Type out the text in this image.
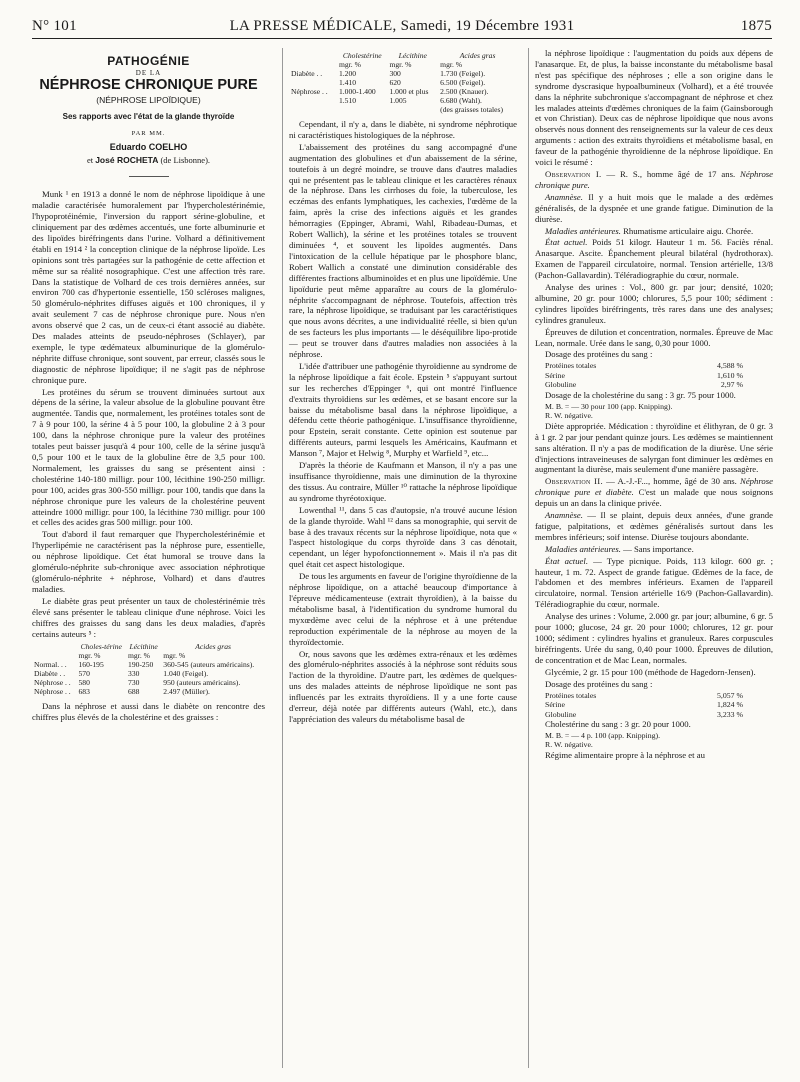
N° 101	LA PRESSE MÉDICALE, Samedi, 19 Décembre 1931	1875
PATHOGÉNIE
DE LA
NÉPHROSE CHRONIQUE PURE
(NÉPHROSE LIPOÏDIQUE)
Ses rapports avec l'état de la glande thyroïde
PAR MM.
Eduardo COELHO
et José ROCHETA (de Lisbonne).

Munk ¹ en 1913 a donné le nom de néphrose lipoïdique à une maladie caractérisée humoralement par l'hypercholestérinémie, l'hypoprotéinémie, l'inversion du rapport sérine-globuline, et cliniquement par des œdèmes accentués, une forte albuminurie et des lipoïdes biréfringents dans l'urine. Volhard a définitivement établi en 1914 ² la conception clinique de la néphrose lipoïde. Les opinions sont très partagées sur la pathogénie de cette affection et même sur sa réalité nosographique. C'est une affection très rare. Dans la statistique de Volhard de ces trois dernières années, sur environ 700 cas d'hypertonie essentielle, 150 scléroses malignes, 50 glomérulo-néphrites diffuses aiguës et 100 chroniques, il y avait seulement 7 cas de néphrose chronique pure. Nous n'en avons observé que 2 cas, un de ceux-ci étant associé au diabète. Des malades atteints de pseudo-néphroses (Schlayer), par exemple, le type œdémateux albuminurique de la glomérulo-néphrite diffuse chronique, sont souvent, par erreur, classés sous le diagnostic de néphrose lipoïdique; il ne s'agit pas de néphrose chronique pure.

Les protéines du sérum se trouvent diminuées surtout aux dépens de la sérine, la valeur absolue de la globuline pouvant être augmentée. Tandis que, normalement, les protéines totales sont de 7 à 9 pour 100, la sérine 4 à 5 pour 100, la globuline 2 à 3 pour 100, dans la néphrose chronique pure la valeur des protéines totales peut baisser jusqu'à 4 pour 100, celle de la sérine jusqu'à 0,5 pour 100 et le taux de la globuline être de 3,5 pour 100. Normalement, les graisses du sang se présentent ainsi : cholestérine 140-180 milligr. pour 100, lécithine 190-250 milligr. pour 100, acides gras 300-550 milligr. pour 100, tandis que dans la néphrose chronique pure les valeurs de la cholestérine peuvent atteindre 1000 milligr. pour 100, la lécithine 730 milligr. pour 100 et celles des acides gras 500 milligr. pour 100.

Tout d'abord il faut remarquer que l'hypercholestérinémie et l'hyperlipémie ne caractérisent pas la néphrose pure, essentielle, ou néphrose lipoïdique. Cet état humoral se trouve dans la glomérulo-néphrite sub-chronique avec association néphrotique (glomérulo-néphrite + néphrose, Volhard) et dans d'autres maladies.

Le diabète gras peut présenter un taux de cholestérinémie très élevé sans présenter le tableau clinique d'une néphrose. Voici les chiffres des graisses du sang dans les deux maladies, d'après certains auteurs ⁵ :

	Choles-térine	Lécithine	Acides gras
	mgr. %	mgr. %	mgr. %
Normal. . .	160-195	190-250	360-545 (auteurs américains).
Diabète . .	570	330	1.040 (Feigel).
Néphrose . .	580	730	950 (auteurs américains).
Néphrose . .	683	688	2.497 (Müller).

Dans la néphrose et aussi dans le diabète on rencontre des chiffres plus élevés de la cholestérine et des graisses :

	Cholestérine	Lécithine	Acides gras
	mgr. %	mgr. %	mgr. %
Diabète . .	1.200	300	1.730 (Feigel).
	1.410	620	6.500 (Feigel).
Néphrose . .	1.000-1.400	1.000 et plus	2.500 (Knauer).
	1.510	1.005	6.680 (Wahl).
			(des graisses totales)

Cependant, il n'y a, dans le diabète, ni syndrome néphrotique ni caractéristiques histologiques de la néphrose.

L'abaissement des protéines du sang accompagné d'une augmentation des globulines et d'un abaissement de la sérine, toutefois à un degré moindre, se trouve dans d'autres maladies qui ne présentent pas le tableau clinique et les caractères rénaux de la néphrose. Dans les cirrhoses du foie, la tuberculose, les eczémas des enfants lymphatiques, les cachexies, l'œdème de la faim, après la crise des infections aiguës et les grandes hémorragies (Eppinger, Abrami, Wahl, Ribadeau-Dumas, et Robert Wallich), la sérine et les protéines totales se trouvent diminuées ⁴, et souvent les lipoïdes augmentés. Dans l'intoxication de la cellule hépatique par le phosphore blanc, Robert Wallich a constaté une diminution considérable des différentes fractions albuminoïdes et en plus une lipoïdémie. Une lipoïdurie peut même apparaître au cours de la glomérulo-néphrite s'accompagnant de néphrose. Toutefois, affection très rare, la néphrose lipoïdique, se traduisant par les caractéristiques que nous avons décrites, a une individualité réelle, si bien qu'un de ses facteurs les plus importants — le déséquilibre lipo-protide — peut se trouver dans d'autres maladies non associées à la néphrose.

L'idée d'attribuer une pathogénie thyroïdienne au syndrome de la néphrose lipoïdique a fait école. Epstein ⁵ s'appuyant surtout sur les recherches d'Eppinger ⁶, qui ont montré l'influence d'extraits thyroïdiens sur les œdèmes, et se basant encore sur la baisse du métabolisme basal dans la néphrose lipoïdique, a défendu cette théorie pathogénique. L'insuffisance thyroïdienne, pour Epstein, serait constante. Cette opinion est soutenue par différents auteurs, parmi lesquels les Américains, Kaufmann et Manson ⁷, Major et Helwig ⁸, Murphy et Warfield ⁹, etc...

D'après la théorie de Kaufmann et Manson, il n'y a pas une insuffisance thyroïdienne, mais une diminution de la thyroxine des tissus. Au contraire, Müller ¹⁰ rattache la néphrose lipoïdique au syndrome thyréotoxique.

Lowenthal ¹¹, dans 5 cas d'autopsie, n'a trouvé aucune lésion de la glande thyroïde. Wahl ¹² dans sa monographie, qui servit de base à des travaux récents sur la néphrose lipoïdique, nota que « l'aspect histologique du corps thyroïde dans 3 cas dénotait, cependant, un léger hypofonctionnement ». Mais il n'a pas dit quel était cet aspect histologique.

De tous les arguments en faveur de l'origine thyroïdienne de la néphrose lipoïdique, on a attaché beaucoup d'importance à l'épreuve médicamenteuse (extrait thyroïdien), à la baisse du métabolisme basal, à l'identification du syndrome humoral du myxœdème avec celui de la néphrose et à une prétendue reproduction expérimentale de la néphrose au moyen de la thyroïdectomie.

Or, nous savons que les œdèmes extra-rénaux et les œdèmes des glomérulo-néphrites associés à la néphrose sont réduits sous l'action de la thyroïdine. D'autre part, les œdèmes de quelques-uns des malades atteints de néphrose lipoïdique ne sont pas influencés par les extraits thyroïdiens. Il y a une forte cause d'erreur, déjà notée par différents auteurs (Wahl, etc.), dans l'appréciation des valeurs du métabolisme basal de

la néphrose lipoïdique : l'augmentation du poids aux dépens de l'anasarque. Et, de plus, la baisse inconstante du métabolisme basal n'est pas spécifique des néphroses ; elle a son origine dans le syndrome dyscrasique hypoalbumineux (Volhard), et a été trouvée dans la néphrite subchronique s'accompagnant de néphrose et chez les malades atteints d'œdèmes chroniques de la faim (Gainsborough et von Christian). Deux cas de néphrose lipoïdique que nous avons observés nous donnent des renseignements sur la valeur de ces deux arguments : action des extraits thyroïdiens et métabolisme basal, en faveur de la pathogénie thyroïdienne de la néphrose lipoïdique. En voici le résumé :

Observation I. — R. S., homme âgé de 17 ans. Néphrose chronique pure.

Anamnèse. Il y a huit mois que le malade a des œdèmes généralisés, de la dyspnée et une grande fatigue. Diminution de la diurèse.

Maladies antérieures. Rhumatisme articulaire aigu. Chorée.

État actuel. Poids 51 kilogr. Hauteur 1 m. 56. Faciès rénal. Anasarque. Ascite. Épanchement pleural bilatéral (hydrothorax). Examen de l'appareil circulatoire, normal. Tension artérielle, 13/8 (Pachon-Gallavardin). Téléradiographie du cœur, normale.

Analyse des urines : Vol., 800 gr. par jour; densité, 1020; albumine, 20 gr. pour 1000; chlorures, 5,5 pour 100; sédiment : cylindres lipoïdes biréfringents, très rares dans une des analyses; cylindres granuleux.

Épreuves de dilution et concentration, normales. Épreuve de Mac Lean, normale. Urée dans le sang, 0,30 pour 1000.

Dosage des protéines du sang :

Protéines totales	4,588 %
Sérine	1,610 %
Globuline	2,97 %

Dosage de la cholestérine du sang : 3 gr. 75 pour 1000.

M. B. = — 30 pour 100 (app. Knipping).
R. W. négative.

Diète appropriée. Médication : thyroïdine et élithyran, de 0 gr. 3 à 1 gr. 2 par jour pendant quinze jours. Les œdèmes se maintiennent sans altération. Il n'y a pas de modification de la diurèse. Une série d'injections intraveineuses de salyrgan font diminuer les œdèmes en augmentant la diurèse, mais seulement d'une manière passagère.

Observation II. — A.-J.-F..., homme, âgé de 30 ans. Néphrose chronique pure et diabète. C'est un malade que nous soignons depuis un an dans la clinique privée.

Anamnèse. — Il se plaint, depuis deux années, d'une grande fatigue, palpitations, et œdèmes généralisés surtout dans les membres inférieurs; soif intense. Diurèse toujours abondante.

Maladies antérieures. — Sans importance.

État actuel. — Type picnique. Poids, 113 kilogr. 600 gr. ; hauteur, 1 m. 72. Aspect de grande fatigue. Œdèmes de la face, de l'abdomen et des membres inférieurs. Examen de l'appareil circulatoire, normal. Tension artérielle 16/9 (Pachon-Gallavardin). Téléradiographie du cœur, normale.

Analyse des urines : Volume, 2.000 gr. par jour; albumine, 6 gr. 5 pour 1000; glucose, 24 gr. 20 pour 1000; chlorures, 12 gr. pour 1000; sédiment : cylindres hyalins et granuleux. Rares corpuscules biréfringents. Urée du sang, 0,40 pour 1000. Épreuves de dilution, de concentration et de Mac Lean, normales.

Glycémie, 2 gr. 15 pour 100 (méthode de Hagedorn-Jensen).

Dosage des protéines du sang :

Protéines totales	5,057 %
Sérine	1,824 %
Globuline	3,233 %

Cholestérine du sang : 3 gr. 20 pour 1000.

M. B. = — 4 p. 100 (app. Knipping).
R. W. négative.

Régime alimentaire propre à la néphrose et au
